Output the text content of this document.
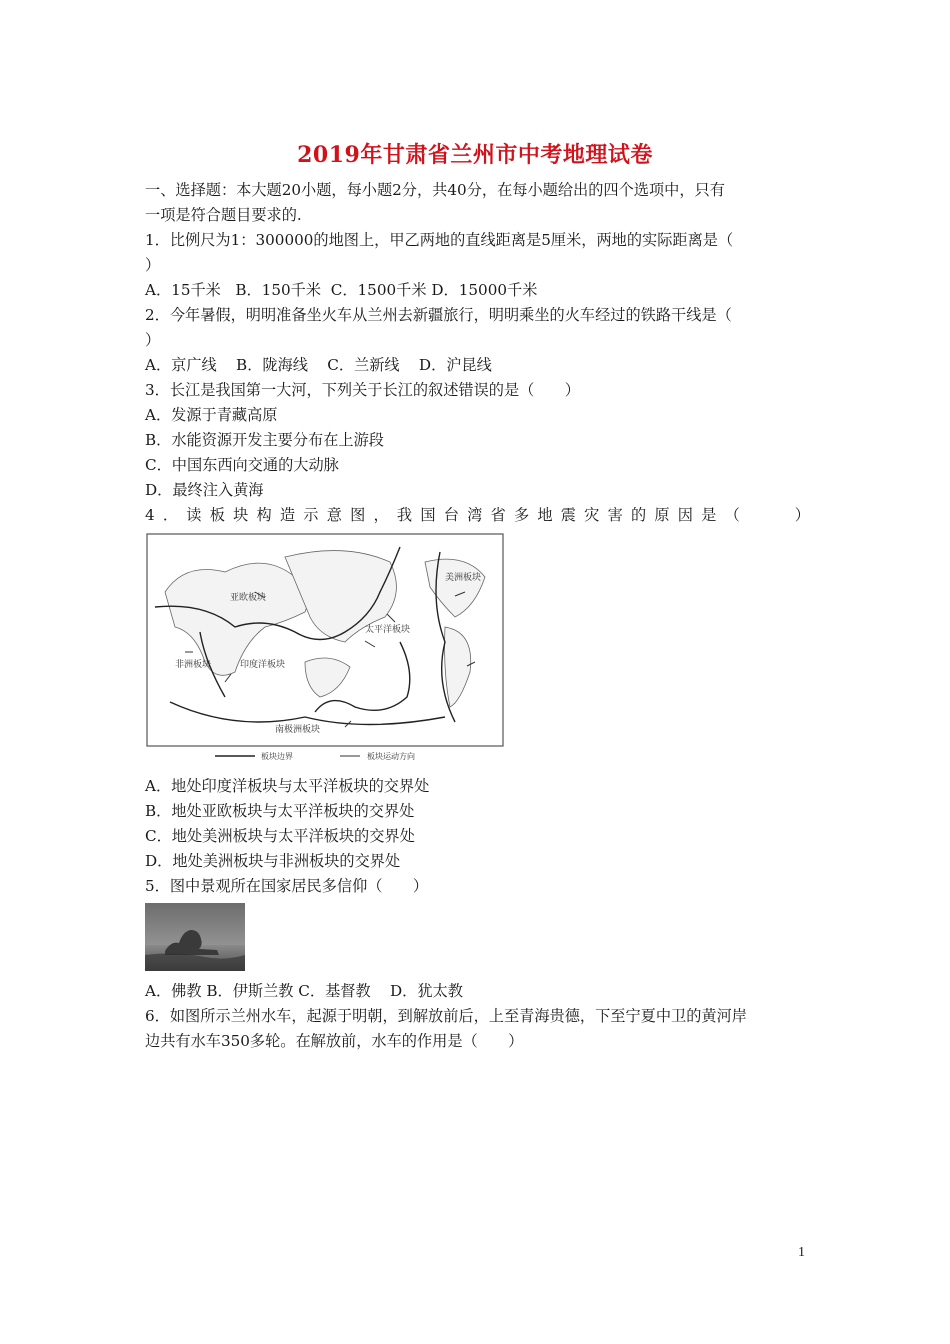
2019年甘肃省兰州市中考地理试卷
一、选择题：本大题20小题，每小题2分，共40分，在每小题给出的四个选项中，只有
一项是符合题目要求的.
1．比例尺为1：300000的地图上，甲乙两地的直线距离是5厘米，两地的实际距离是（
）
A．15千米   B．150千米  C．1500千米 D．15000千米
2．今年暑假，明明准备坐火车从兰州去新疆旅行，明明乘坐的火车经过的铁路干线是（
）
A．京广线    B．陇海线    C．兰新线    D．沪昆线
3．长江是我国第一大河，下列关于长江的叙述错误的是（　　）
A．发源于青藏高原
B．水能资源开发主要分布在上游段
C．中国东西向交通的大动脉
D．最终注入黄海
4．读板块构造示意图，我国台湾省多地震灾害的原因是（　　）
亚欧板块
太平洋板块
美洲板块
非洲板块	印度洋板块
南极洲板块
板块边界	板块运动方向
A．地处印度洋板块与太平洋板块的交界处
B．地处亚欧板块与太平洋板块的交界处
C．地处美洲板块与太平洋板块的交界处
D．地处美洲板块与非洲板块的交界处
5．图中景观所在国家居民多信仰（　　）
A．佛教 B．伊斯兰教 C．基督教    D．犹太教
6．如图所示兰州水车，起源于明朝，到解放前后，上至青海贵德，下至宁夏中卫的黄河岸
边共有水车350多轮。在解放前，水车的作用是（　　）
1
